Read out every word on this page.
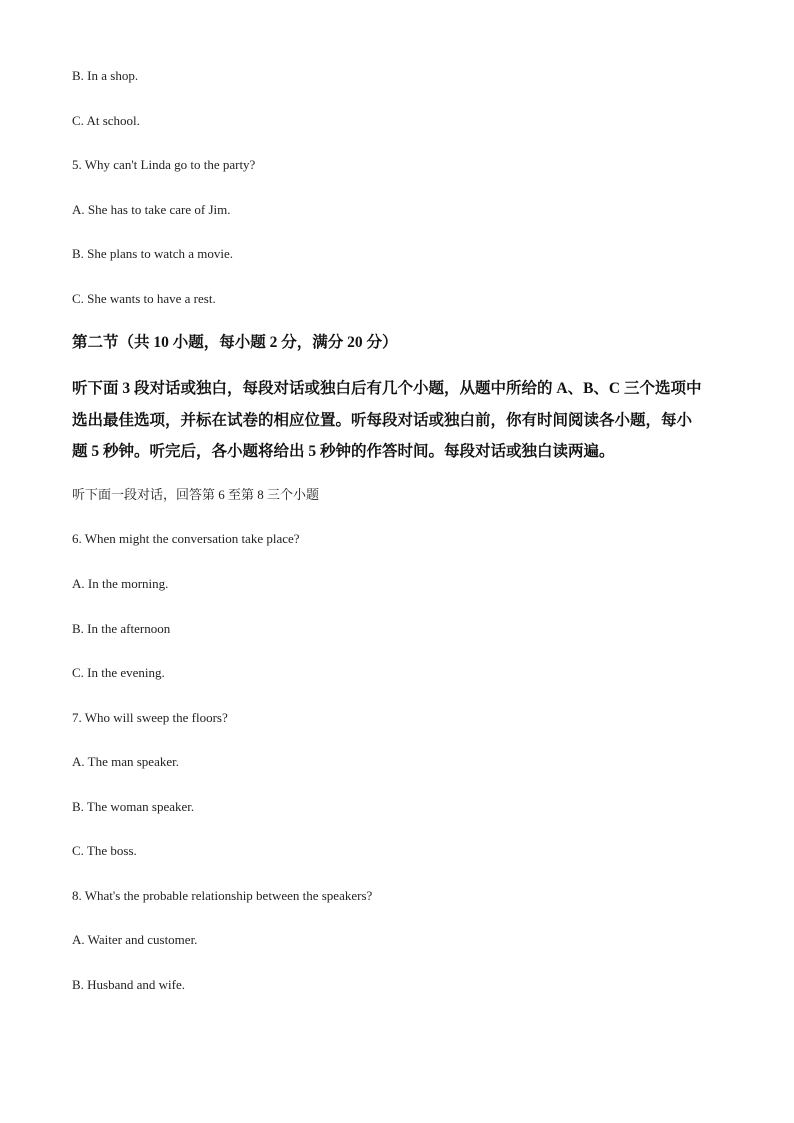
B. In a shop.

C. At school.

5. Why can't Linda go to the party?

A. She has to take care of Jim.

B. She plans to watch a movie.

C. She wants to have a rest.

第二节（共 10 小题，每小题 2 分，满分 20 分）

听下面 3 段对话或独白，每段对话或独白后有几个小题，从题中所给的 A、B、C 三个选项中
选出最佳选项，并标在试卷的相应位置。听每段对话或独白前，你有时间阅读各小题，每小
题 5 秒钟。听完后，各小题将给出 5 秒钟的作答时间。每段对话或独白读两遍。

听下面一段对话，回答第 6 至第 8 三个小题

6. When might the conversation take place?

A. In the morning.

B. In the afternoon

C. In the evening.

7. Who will sweep the floors?

A. The man speaker.

B. The woman speaker.

C. The boss.

8. What's the probable relationship between the speakers?

A. Waiter and customer.

B. Husband and wife.
